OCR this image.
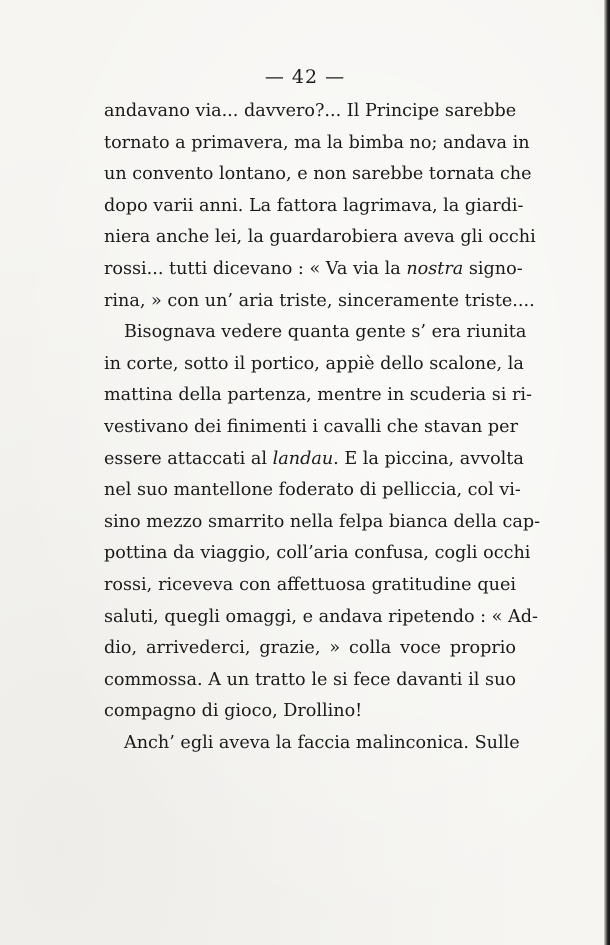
— 42 —
andavano via... davvero?... Il Principe sarebbe
tornato a primavera, ma la bimba no; andava in
un convento lontano, e non sarebbe tornata che
dopo varii anni. La fattora lagrimava, la giardi-
niera anche lei, la guardarobiera aveva gli occhi
rossi... tutti dicevano : « Va via la nostra signo-
rina, » con un’ aria triste, sinceramente triste....
Bisognava vedere quanta gente s’ era riunita
in corte, sotto il portico, appiè dello scalone, la
mattina della partenza, mentre in scuderia si ri-
vestivano dei finimenti i cavalli che stavan per
essere attaccati al landau. E la piccina, avvolta
nel suo mantellone foderato di pelliccia, col vi-
sino mezzo smarrito nella felpa bianca della cap-
pottina da viaggio, coll’aria confusa, cogli occhi
rossi, riceveva con affettuosa gratitudine quei
saluti, quegli omaggi, e andava ripetendo : « Ad-
dio, arrivederci, grazie, » colla voce proprio
commossa. A un tratto le si fece davanti il suo
compagno di gioco, Drollino!
Anch’ egli aveva la faccia malinconica. Sulle
